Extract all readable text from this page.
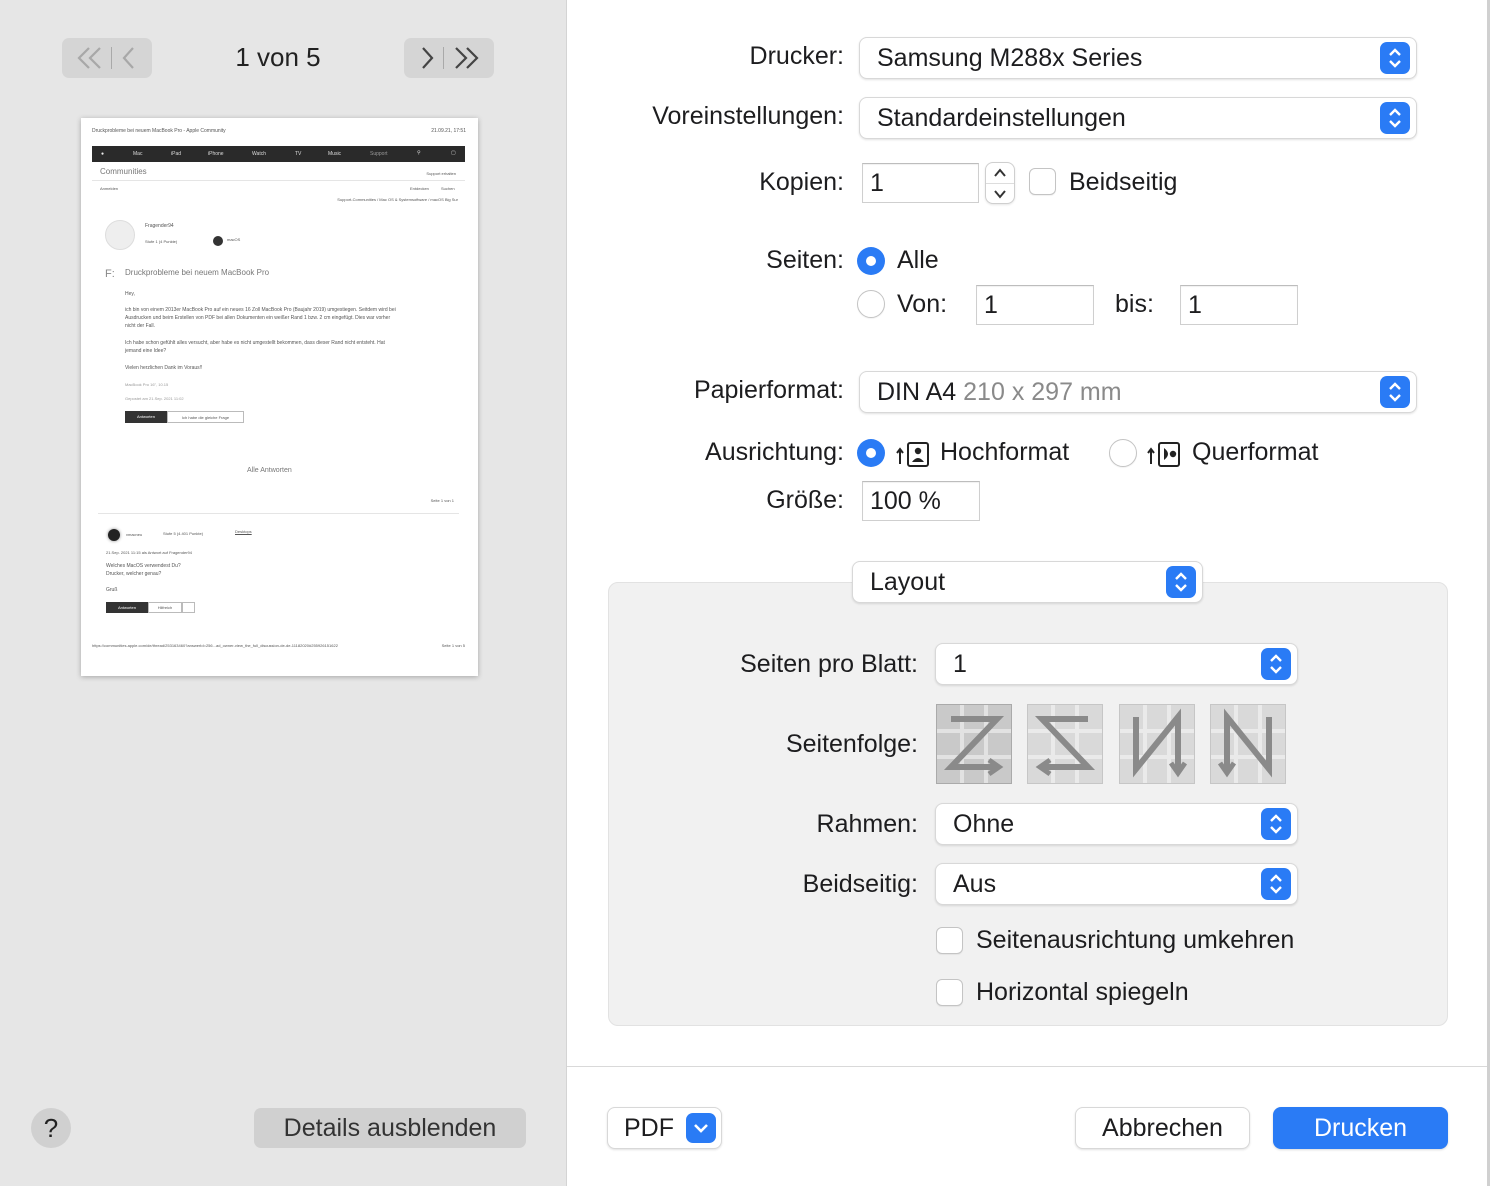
1 von 5
Druckprobleme bei neuem MacBook Pro - Apple Community	21.09.21, 17:51
●	Mac	iPad	iPhone	Watch	TV	Music	Support	⚲	▢
Communities	Support erhalten
Anmelden	Entdecken	Suchen
Support-Communities / Mac OS & Systemsoftware / macOS Big Sur
Fragender94
Stufe 1 (4 Punkte)	macOS
F: Druckprobleme bei neuem MacBook Pro
Hey,
ich bin von einem 2013er MacBook Pro auf ein neues 16 Zoll MacBook Pro (Baujahr 2019) umgestiegen. Seitdem wird bei
Ausdrucken und beim Erstellen von PDF bei allen Dokumenten ein weißer Rand 1 bzw. 2 cm eingefügt. Dies war vorher
nicht der Fall.
Ich habe schon gefühlt alles versucht, aber habe es nicht umgestellt bekommen, dass dieser Rand nicht entsteht. Hat
jemand eine Idee?
Vielen herzlichen Dank im Voraus!!
MacBook Pro 16", 10.15
Gepostet am 21.Sep. 2021 11:02
Antworten	Ich habe die gleiche Frage
Alle Antworten
Seite 1 von 1
vmacneu	Stufe 5 (4.401 Punkte)	Desktops
21.Sep. 2021 11:15 als Antwort auf Fragender94
Welches MacOS verwendest Du?
Drucker, welcher genau?
Gruß
Antworten	Hilfreich
https://communities.apple.com/de/thread/253163460?answerId=256...ad_owner-view_the_full_discussion-de-de-11182020#255926151622	Seite 1 von 5
?	Details ausblenden
Drucker:	Samsung M288x Series
Voreinstellungen:	Standardeinstellungen
Kopien:	1	Beidseitig
Seiten: Alle
Von:	1	bis:	1
Papierformat:	DIN A4 210 x 297 mm
Ausrichtung:	Hochformat	Querformat
Größe:	100 %
Layout
Seiten pro Blatt:	1
Seitenfolge:
Rahmen:	Ohne
Beidseitig:	Aus
Seitenausrichtung umkehren
Horizontal spiegeln
PDF	Abbrechen	Drucken
